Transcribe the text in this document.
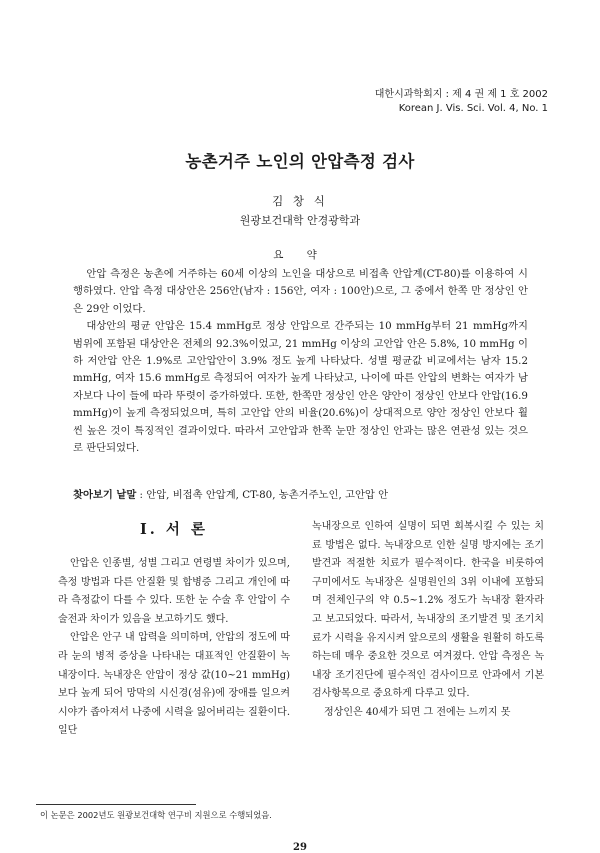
대한시과학회지 : 제 4 권 제 1 호 2002
Korean J. Vis. Sci. Vol. 4, No. 1
농촌거주 노인의 안압측정 검사
김 창 식
원광보건대학 안경광학과
요 약

안압 측정은 농촌에 거주하는 60세 이상의 노인을 대상으로 비접촉 안압계(CT-80)를 이용하여 시행하였다. 안압 측정 대상안은 256안(남자 : 156안, 여자 : 100안)으로, 그 중에서 한쪽 만 정상인 안은 29안 이었다.

대상안의 평균 안압은 15.4 mmHg로 정상 안압으로 간주되는 10 mmHg부터 21 mmHg까지 범위에 포함된 대상안은 전체의 92.3%이었고, 21 mmHg 이상의 고안압 안은 5.8%, 10 mmHg 이하 저안압 안은 1.9%로 고안압안이 3.9% 정도 높게 나타났다. 성별 평균값 비교에서는 남자 15.2 mmHg, 여자 15.6 mmHg로 측정되어 여자가 높게 나타났고, 나이에 따른 안압의 변화는 여자가 남자보다 나이 들에 따라 뚜렷이 증가하였다. 또한, 한쪽만 정상인 안은 양안이 정상인 안보다 안압(16.9 mmHg)이 높게 측정되었으며, 특히 고안압 안의 비율(20.6%)이 상대적으로 양안 정상인 안보다 훨씬 높은 것이 특징적인 결과이었다. 따라서 고안압과 한쪽 눈만 정상인 안과는 많은 연관성 있는 것으로 판단되었다.

찾아보기 낱말 : 안압, 비접촉 안압계, CT-80, 농촌거주노인, 고안압 안
I. 서 론

안압은 인종별, 성별 그리고 연령별 차이가 있으며, 측정 방법과 다른 안질환 및 합병증 그리고 개인에 따라 측정값이 다를 수 있다. 또한 눈 수술 후 안압이 수술전과 차이가 있음을 보고하기도 했다.

안압은 안구 내 압력을 의미하며, 안압의 정도에 따라 눈의 병적 증상을 나타내는 대표적인 안질환이 녹내장이다. 녹내장은 안압이 정상 값(10~21 mmHg)보다 높게 되어 망막의 시신경(섬유)에 장애를 일으켜 시야가 좁아져서 나중에 시력을 잃어버리는 질환이다. 일단

녹내장으로 인하여 실명이 되면 회복시킬 수 있는 치료 방법은 없다. 녹내장으로 인한 실명 방지에는 조기 발견과 적절한 치료가 필수적이다. 한국을 비롯하여 구미에서도 녹내장은 실명원인의 3위 이내에 포함되며 전체인구의 약 0.5~1.2% 정도가 녹내장 환자라고 보고되었다. 따라서, 녹내장의 조기발견 및 조기치료가 시력을 유지시켜 앞으로의 생활을 원활히 하도록 하는데 매우 중요한 것으로 여겨졌다. 안압 측정은 녹내장 조기진단에 필수적인 검사이므로 안과에서 기본 검사항목으로 중요하게 다루고 있다.

정상인은 40세가 되면 그 전에는 느끼지 못

이 논문은 2002년도 원광보건대학 연구비 지원으로 수행되었음.
29
